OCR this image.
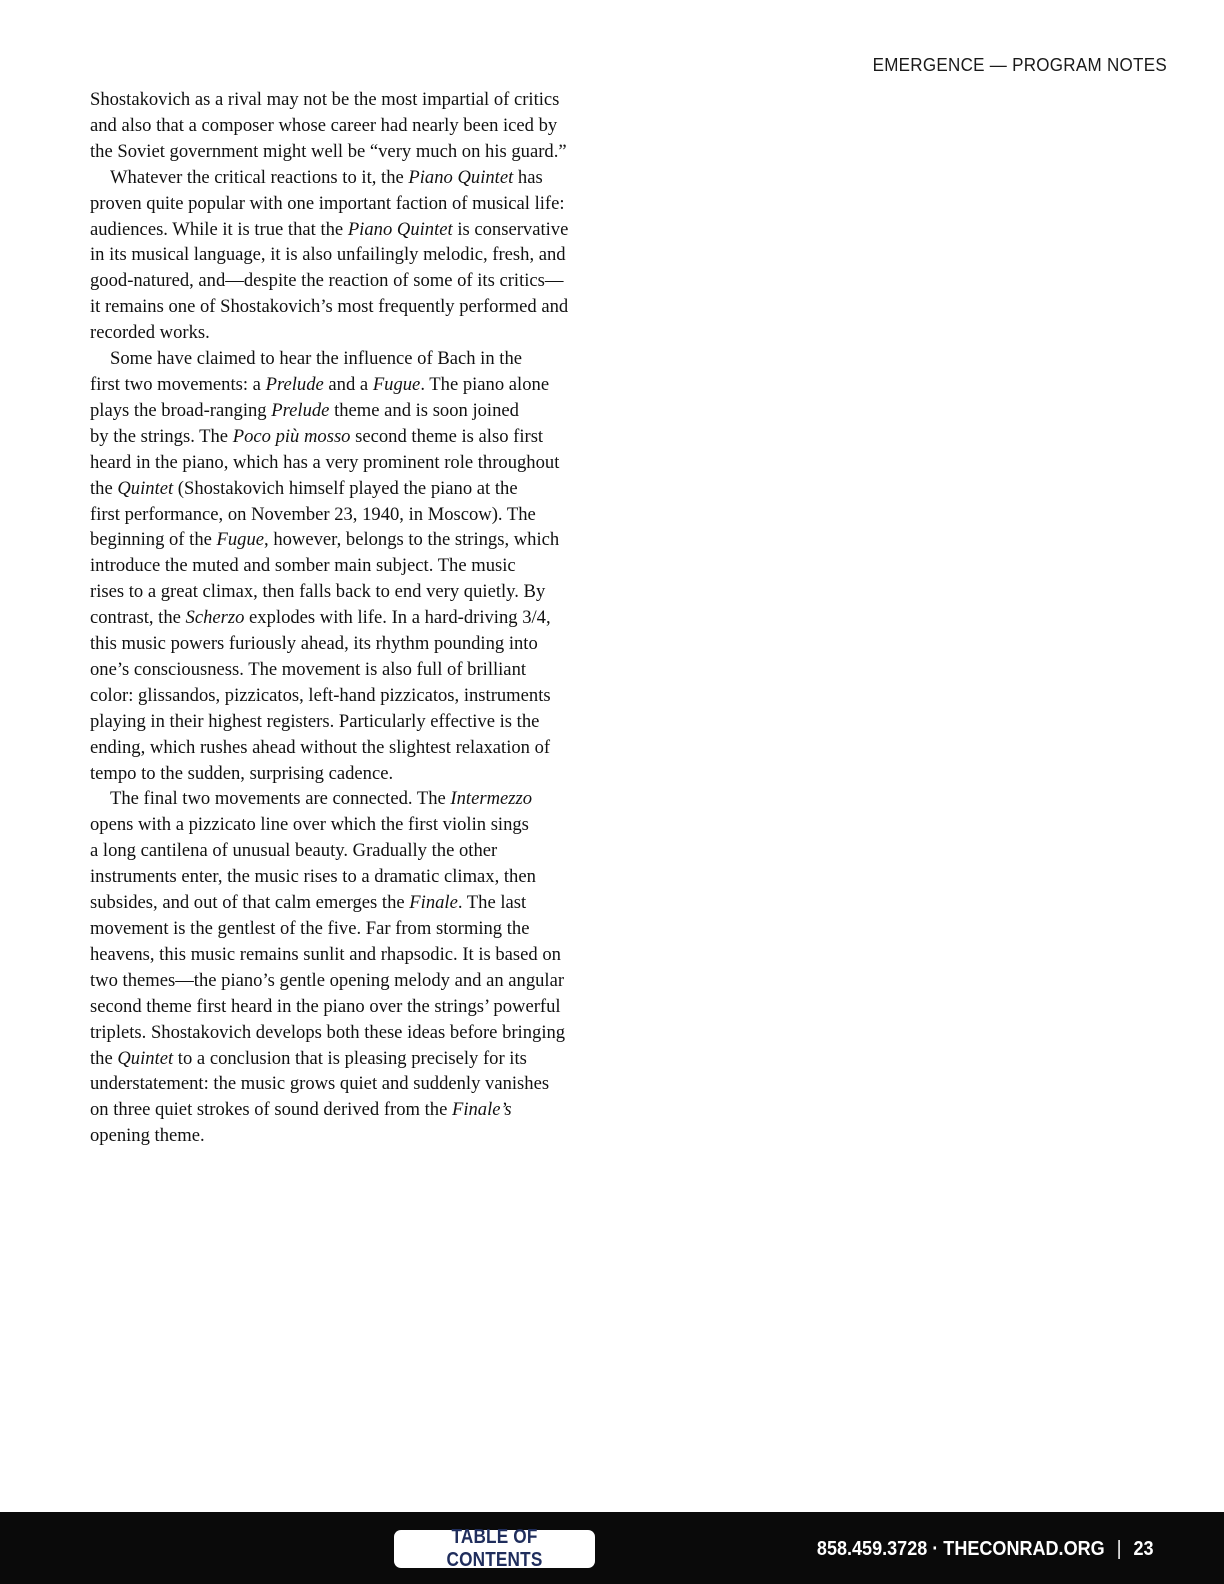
EMERGENCE — PROGRAM NOTES
Shostakovich as a rival may not be the most impartial of critics
and also that a composer whose career had nearly been iced by
the Soviet government might well be “very much on his guard.”
Whatever the critical reactions to it, the Piano Quintet has
proven quite popular with one important faction of musical life:
audiences. While it is true that the Piano Quintet is conservative
in its musical language, it is also unfailingly melodic, fresh, and
good-natured, and—despite the reaction of some of its critics—
it remains one of Shostakovich’s most frequently performed and
recorded works.
Some have claimed to hear the influence of Bach in the
first two movements: a Prelude and a Fugue. The piano alone
plays the broad-ranging Prelude theme and is soon joined
by the strings. The Poco più mosso second theme is also first
heard in the piano, which has a very prominent role throughout
the Quintet (Shostakovich himself played the piano at the
first performance, on November 23, 1940, in Moscow). The
beginning of the Fugue, however, belongs to the strings, which
introduce the muted and somber main subject. The music
rises to a great climax, then falls back to end very quietly. By
contrast, the Scherzo explodes with life. In a hard-driving 3/4,
this music powers furiously ahead, its rhythm pounding into
one’s consciousness. The movement is also full of brilliant
color: glissandos, pizzicatos, left-hand pizzicatos, instruments
playing in their highest registers. Particularly effective is the
ending, which rushes ahead without the slightest relaxation of
tempo to the sudden, surprising cadence.
The final two movements are connected. The Intermezzo
opens with a pizzicato line over which the first violin sings
a long cantilena of unusual beauty. Gradually the other
instruments enter, the music rises to a dramatic climax, then
subsides, and out of that calm emerges the Finale. The last
movement is the gentlest of the five. Far from storming the
heavens, this music remains sunlit and rhapsodic. It is based on
two themes—the piano’s gentle opening melody and an angular
second theme first heard in the piano over the strings’ powerful
triplets. Shostakovich develops both these ideas before bringing
the Quintet to a conclusion that is pleasing precisely for its
understatement: the music grows quiet and suddenly vanishes
on three quiet strokes of sound derived from the Finale’s
opening theme.
TABLE OF CONTENTS	858.459.3728 · THECONRAD.ORG | 23
